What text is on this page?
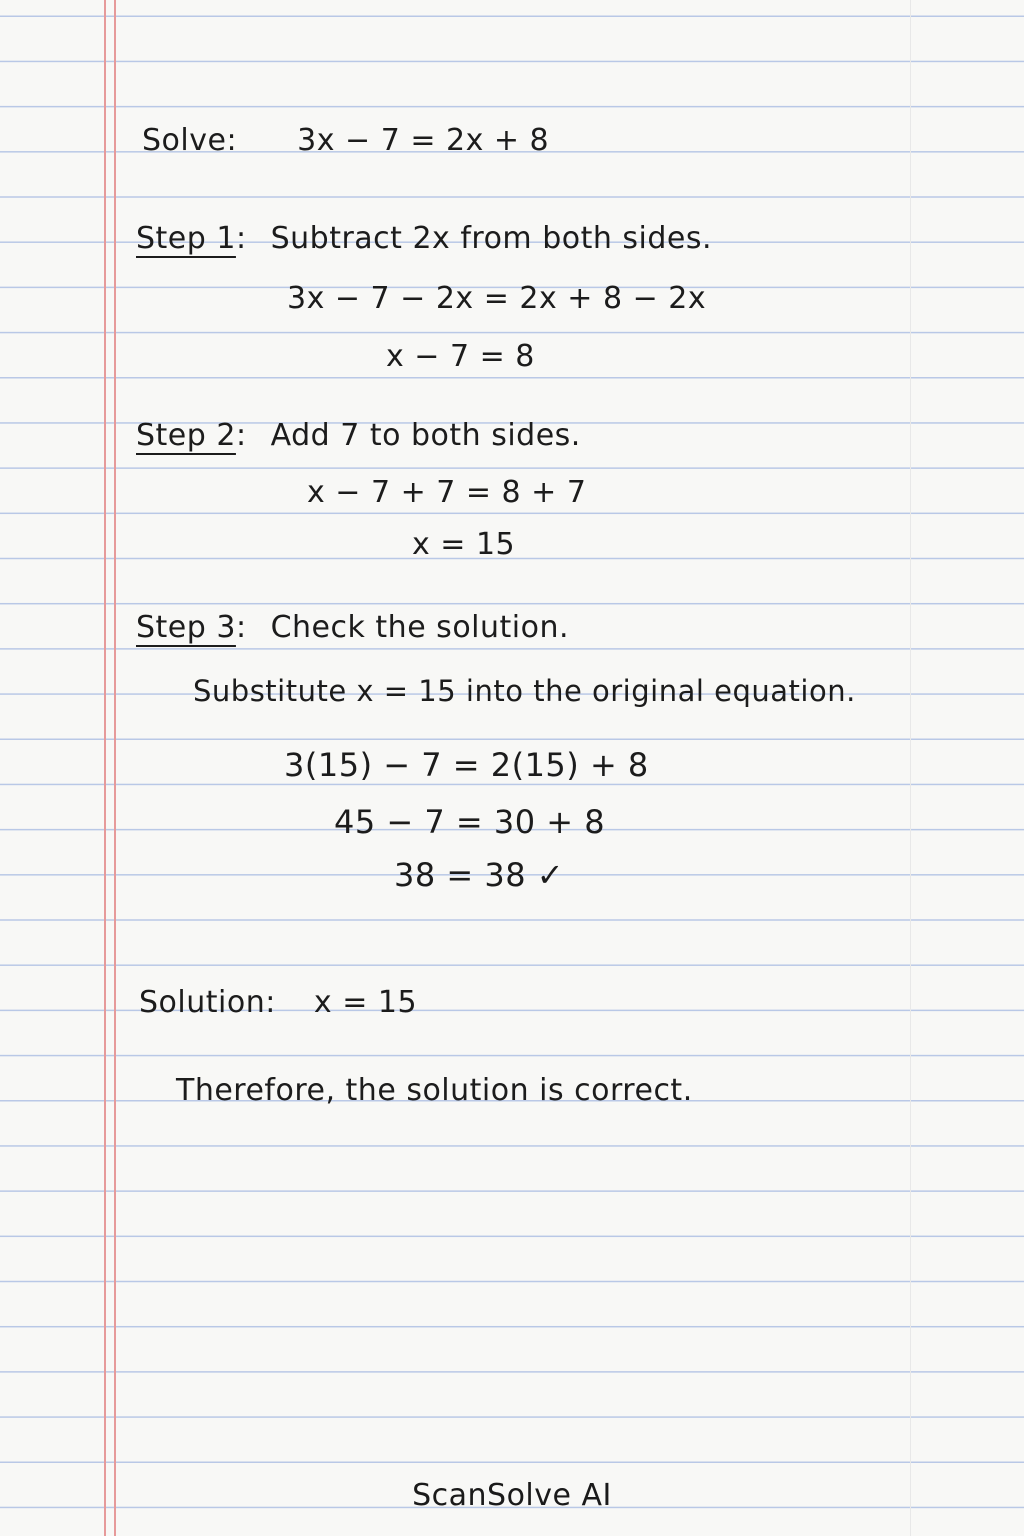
Solve: 3x − 7 = 2x + 8
Step 1: Subtract 2x from both sides.
3x − 7 − 2x = 2x + 8 − 2x
x − 7 = 8
Step 2: Add 7 to both sides.
x − 7 + 7 = 8 + 7
x = 15
Step 3: Check the solution.
Substitute x = 15 into the original equation.
3(15) − 7 = 2(15) + 8
45 − 7 = 30 + 8
38 = 38 ✓
Solution: x = 15
Therefore, the solution is correct.
ScanSolve AI
